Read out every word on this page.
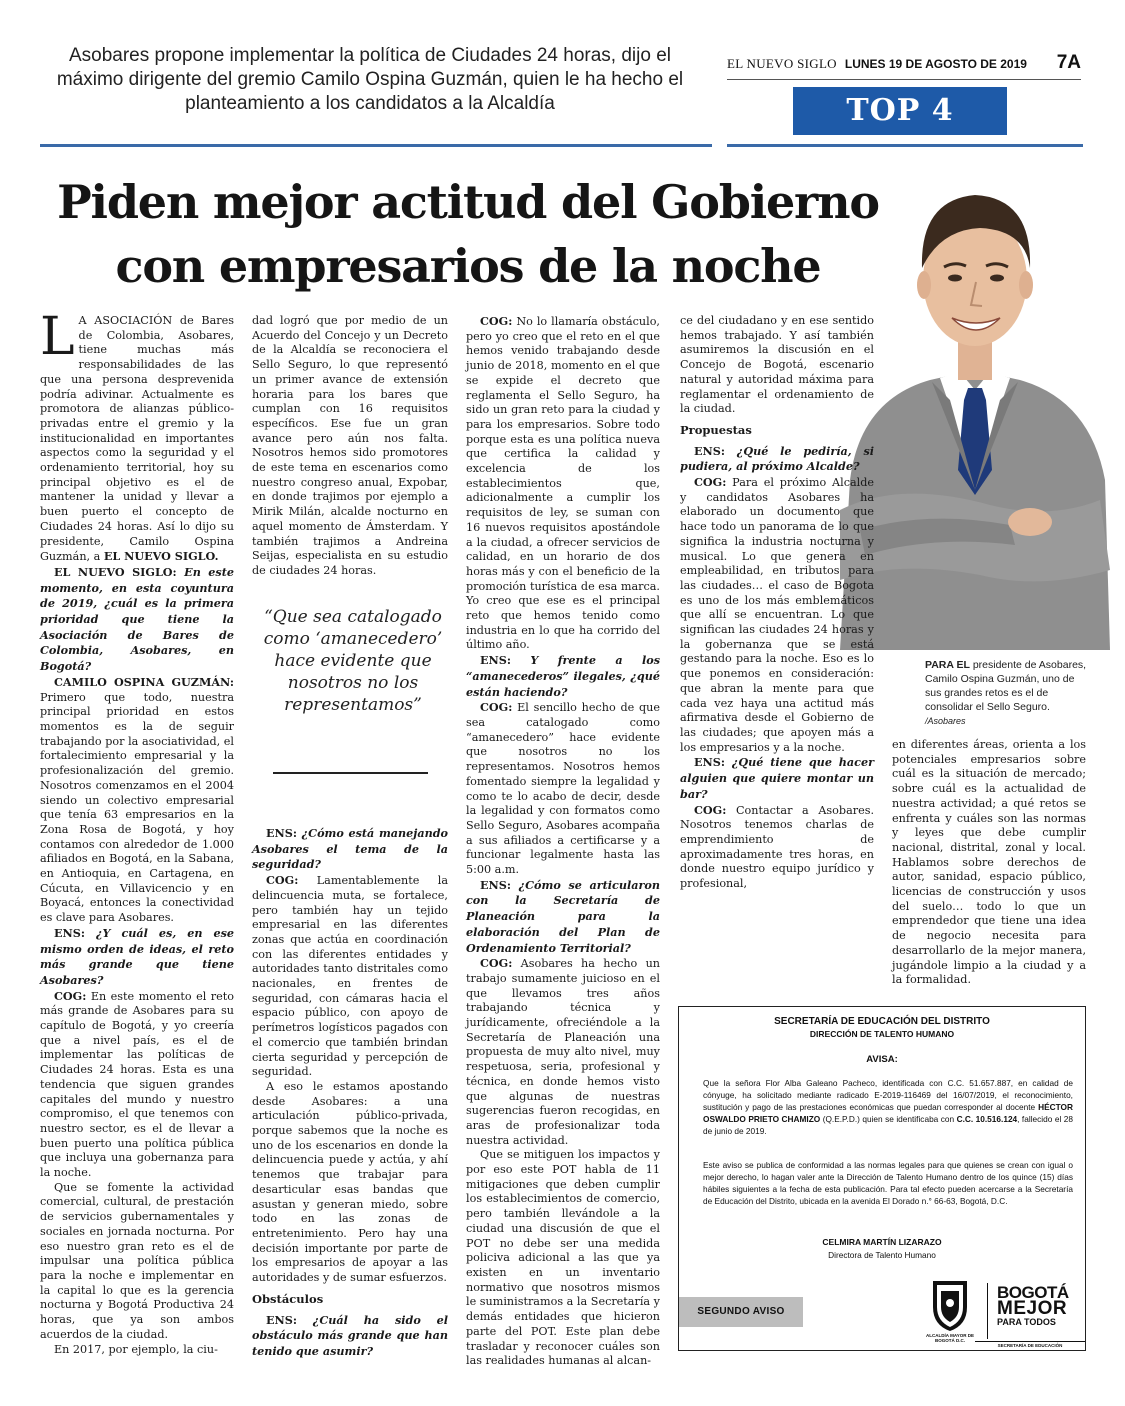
Asobares propone implementar la política de Ciudades 24 horas, dijo el máximo dirigente del gremio Camilo Ospina Guzmán, quien le ha hecho el planteamiento a los candidatos a la Alcaldía
EL NUEVO SIGLO LUNES 19 DE AGOSTO DE 2019 7A
TOP 4
Piden mejor actitud del Gobierno
con empresarios de la noche
PARA EL presidente de Asobares, Camilo Ospina Guzmán, uno de sus grandes retos es el de consolidar el Sello Seguro. /Asobares

L A ASOCIACIÓN de Bares de Colombia, Asobares, tiene muchas más responsabilidades de las que una persona desprevenida podría adivinar. Actualmente es promotora de alianzas público-privadas entre el gremio y la institucionalidad en importantes aspectos como la seguridad y el ordenamiento territorial, hoy su principal objetivo es el de mantener la unidad y llevar a buen puerto el concepto de Ciudades 24 horas. Así lo dijo su presidente, Camilo Ospina Guzmán, a EL NUEVO SIGLO.

EL NUEVO SIGLO: En este momento, en esta coyuntura de 2019, ¿cuál es la primera prioridad que tiene la Asociación de Bares de Colombia, Asobares, en Bogotá?

CAMILO OSPINA GUZMÁN: Primero que todo, nuestra principal prioridad en estos momentos es la de seguir trabajando por la asociatividad, el fortalecimiento empresarial y la profesionalización del gremio. Nosotros comenzamos en el 2004 siendo un colectivo empresarial que tenía 63 empresarios en la Zona Rosa de Bogotá, y hoy contamos con alrededor de 1.000 afiliados en Bogotá, en la Sabana, en Antioquia, en Cartagena, en Cúcuta, en Villavicencio y en Boyacá, entonces la conectividad es clave para Asobares.

ENS: ¿Y cuál es, en ese mismo orden de ideas, el reto más grande que tiene Asobares?

COG: En este momento el reto más grande de Asobares para su capítulo de Bogotá, y yo creería que a nivel país, es el de implementar las políticas de Ciudades 24 horas. Esta es una tendencia que siguen grandes capitales del mundo y nuestro compromiso, el que tenemos con nuestro sector, es el de llevar a buen puerto una política pública que incluya una gobernanza para la noche.

Que se fomente la actividad comercial, cultural, de prestación de servicios gubernamentales y sociales en jornada nocturna. Por eso nuestro gran reto es el de impulsar una política pública para la noche e implementar en la capital lo que es la gerencia nocturna y Bogotá Productiva 24 horas, que ya son ambos acuerdos de la ciudad.

En 2017, por ejemplo, la ciu-

dad logró que por medio de un Acuerdo del Concejo y un Decreto de la Alcaldía se reconociera el Sello Seguro, lo que representó un primer avance de extensión horaria para los bares que cumplan con 16 requisitos específicos. Ese fue un gran avance pero aún nos falta. Nosotros hemos sido promotores de este tema en escenarios como nuestro congreso anual, Expobar, en donde trajimos por ejemplo a Mirik Milán, alcalde nocturno en aquel momento de Ámsterdam. Y también trajimos a Andreina Seijas, especialista en su estudio de ciudades 24 horas.

“Que sea catalogado como ‘amanecedero’ hace evidente que nosotros no los representamos”

ENS: ¿Cómo está manejando Asobares el tema de la seguridad?

COG: Lamentablemente la delincuencia muta, se fortalece, pero también hay un tejido empresarial en las diferentes zonas que actúa en coordinación con las diferentes entidades y autoridades tanto distritales como nacionales, en frentes de seguridad, con cámaras hacia el espacio público, con apoyo de perímetros logísticos pagados con el comercio que también brindan cierta seguridad y percepción de seguridad.

A eso le estamos apostando desde Asobares: a una articulación público-privada, porque sabemos que la noche es uno de los escenarios en donde la delincuencia puede y actúa, y ahí tenemos que trabajar para desarticular esas bandas que asustan y generan miedo, sobre todo en las zonas de entretenimiento. Pero hay una decisión importante por parte de los empresarios de apoyar a las autoridades y de sumar esfuerzos.

Obstáculos

ENS: ¿Cuál ha sido el obstáculo más grande que han tenido que asumir?

COG: No lo llamaría obstáculo, pero yo creo que el reto en el que hemos venido trabajando desde junio de 2018, momento en el que se expide el decreto que reglamenta el Sello Seguro, ha sido un gran reto para la ciudad y para los empresarios. Sobre todo porque esta es una política nueva que certifica la calidad y excelencia de los establecimientos que, adicionalmente a cumplir los requisitos de ley, se suman con 16 nuevos requisitos apostándole a la ciudad, a ofrecer servicios de calidad, en un horario de dos horas más y con el beneficio de la promoción turística de esa marca. Yo creo que ese es el principal reto que hemos tenido como industria en lo que ha corrido del último año.

ENS: Y frente a los “amanecederos” ilegales, ¿qué están haciendo?

COG: El sencillo hecho de que sea catalogado como “amanecedero” hace evidente que nosotros no los representamos. Nosotros hemos fomentado siempre la legalidad y como te lo acabo de decir, desde la legalidad y con formatos como Sello Seguro, Asobares acompaña a sus afiliados a certificarse y a funcionar legalmente hasta las 5:00 a.m.

ENS: ¿Cómo se articularon con la Secretaría de Planeación para la elaboración del Plan de Ordenamiento Territorial?

COG: Asobares ha hecho un trabajo sumamente juicioso en el que llevamos tres años trabajando técnica y jurídicamente, ofreciéndole a la Secretaría de Planeación una propuesta de muy alto nivel, muy respetuosa, seria, profesional y técnica, en donde hemos visto que algunas de nuestras sugerencias fueron recogidas, en aras de profesionalizar toda nuestra actividad.

Que se mitiguen los impactos y por eso este POT habla de 11 mitigaciones que deben cumplir los establecimientos de comercio, pero también llevándole a la ciudad una discusión de que el POT no debe ser una medida policiva adicional a las que ya existen en un inventario normativo que nosotros mismos le suministramos a la Secretaría y demás entidades que hicieron parte del POT. Este plan debe trasladar y reconocer cuáles son las realidades humanas al alcan-

ce del ciudadano y en ese sentido hemos trabajado. Y así también asumiremos la discusión en el Concejo de Bogotá, escenario natural y autoridad máxima para reglamentar el ordenamiento de la ciudad.

Propuestas

ENS: ¿Qué le pediría, si pudiera, al próximo Alcalde?

COG: Para el próximo Alcalde y candidatos Asobares ha elaborado un documento que hace todo un panorama de lo que significa la industria nocturna y musical. Lo que genera en empleabilidad, en tributos para las ciudades… el caso de Bogota es uno de los más emblemáticos que allí se encuentran. Lo que significan las ciudades 24 horas y la gobernanza que se está gestando para la noche. Eso es lo que ponemos en consideración: que abran la mente para que cada vez haya una actitud más afirmativa desde el Gobierno de las ciudades; que apoyen más a los empresarios y a la noche.

ENS: ¿Qué tiene que hacer alguien que quiere montar un bar?

COG: Contactar a Asobares. Nosotros tenemos charlas de emprendimiento de aproximadamente tres horas, en donde nuestro equipo jurídico y profesional,

en diferentes áreas, orienta a los potenciales empresarios sobre cuál es la situación de mercado; sobre cuál es la actualidad de nuestra actividad; a qué retos se enfrenta y cuáles son las normas y leyes que debe cumplir nacional, distrital, zonal y local. Hablamos sobre derechos de autor, sanidad, espacio público, licencias de construcción y usos del suelo… todo lo que un emprendedor que tiene una idea de negocio necesita para desarrollarlo de la mejor manera, jugándole limpio a la ciudad y a la formalidad.

SECRETARÍA DE EDUCACIÓN DEL DISTRITO
DIRECCIÓN DE TALENTO HUMANO
AVISA:
Que la señora Flor Alba Galeano Pacheco, identificada con C.C. 51.657.887, en calidad de cónyuge, ha solicitado mediante radicado E-2019-116469 del 16/07/2019, el reconocimiento, sustitución y pago de las prestaciones económicas que puedan corresponder al docente HÉCTOR OSWALDO PRIETO CHAMIZO (Q.E.P.D.) quien se identificaba con C.C. 10.516.124, fallecido el 28 de junio de 2019.
Este aviso se publica de conformidad a las normas legales para que quienes se crean con igual o mejor derecho, lo hagan valer ante la Dirección de Talento Humano dentro de los quince (15) días hábiles siguientes a la fecha de esta publicación. Para tal efecto pueden acercarse a la Secretaría de Educación del Distrito, ubicada en la avenida El Dorado n.° 66-63, Bogotá, D.C.
CELMIRA MARTÍN LIZARAZO
Directora de Talento Humano
SEGUNDO AVISO
ALCALDÍA MAYOR DE BOGOTÁ D.C.
BOGOTÁ
MEJOR
PARA TODOS
SECRETARÍA DE EDUCACIÓN
